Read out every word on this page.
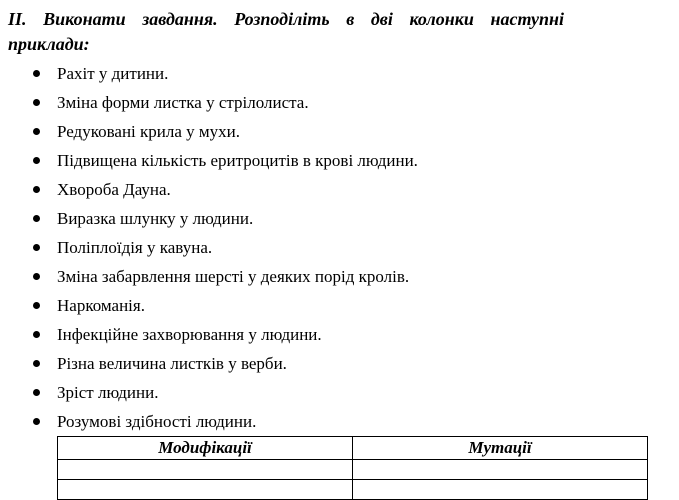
ІІ. Виконати завдання. Розподіліть в дві колонки наступні
приклади:
Рахіт у дитини.
Зміна форми листка у стрілолиста.
Редуковані крила у мухи.
Підвищена кількість еритроцитів в крові людини.
Хвороба Дауна.
Виразка шлунку у людини.
Поліплоїдія у кавуна.
Зміна забарвлення шерсті у деяких порід кролів.
Наркоманія.
Інфекційне захворювання у людини.
Різна величина листків у верби.
Зріст людини.
Розумові здібності людини.
Модифікації	Мутації
